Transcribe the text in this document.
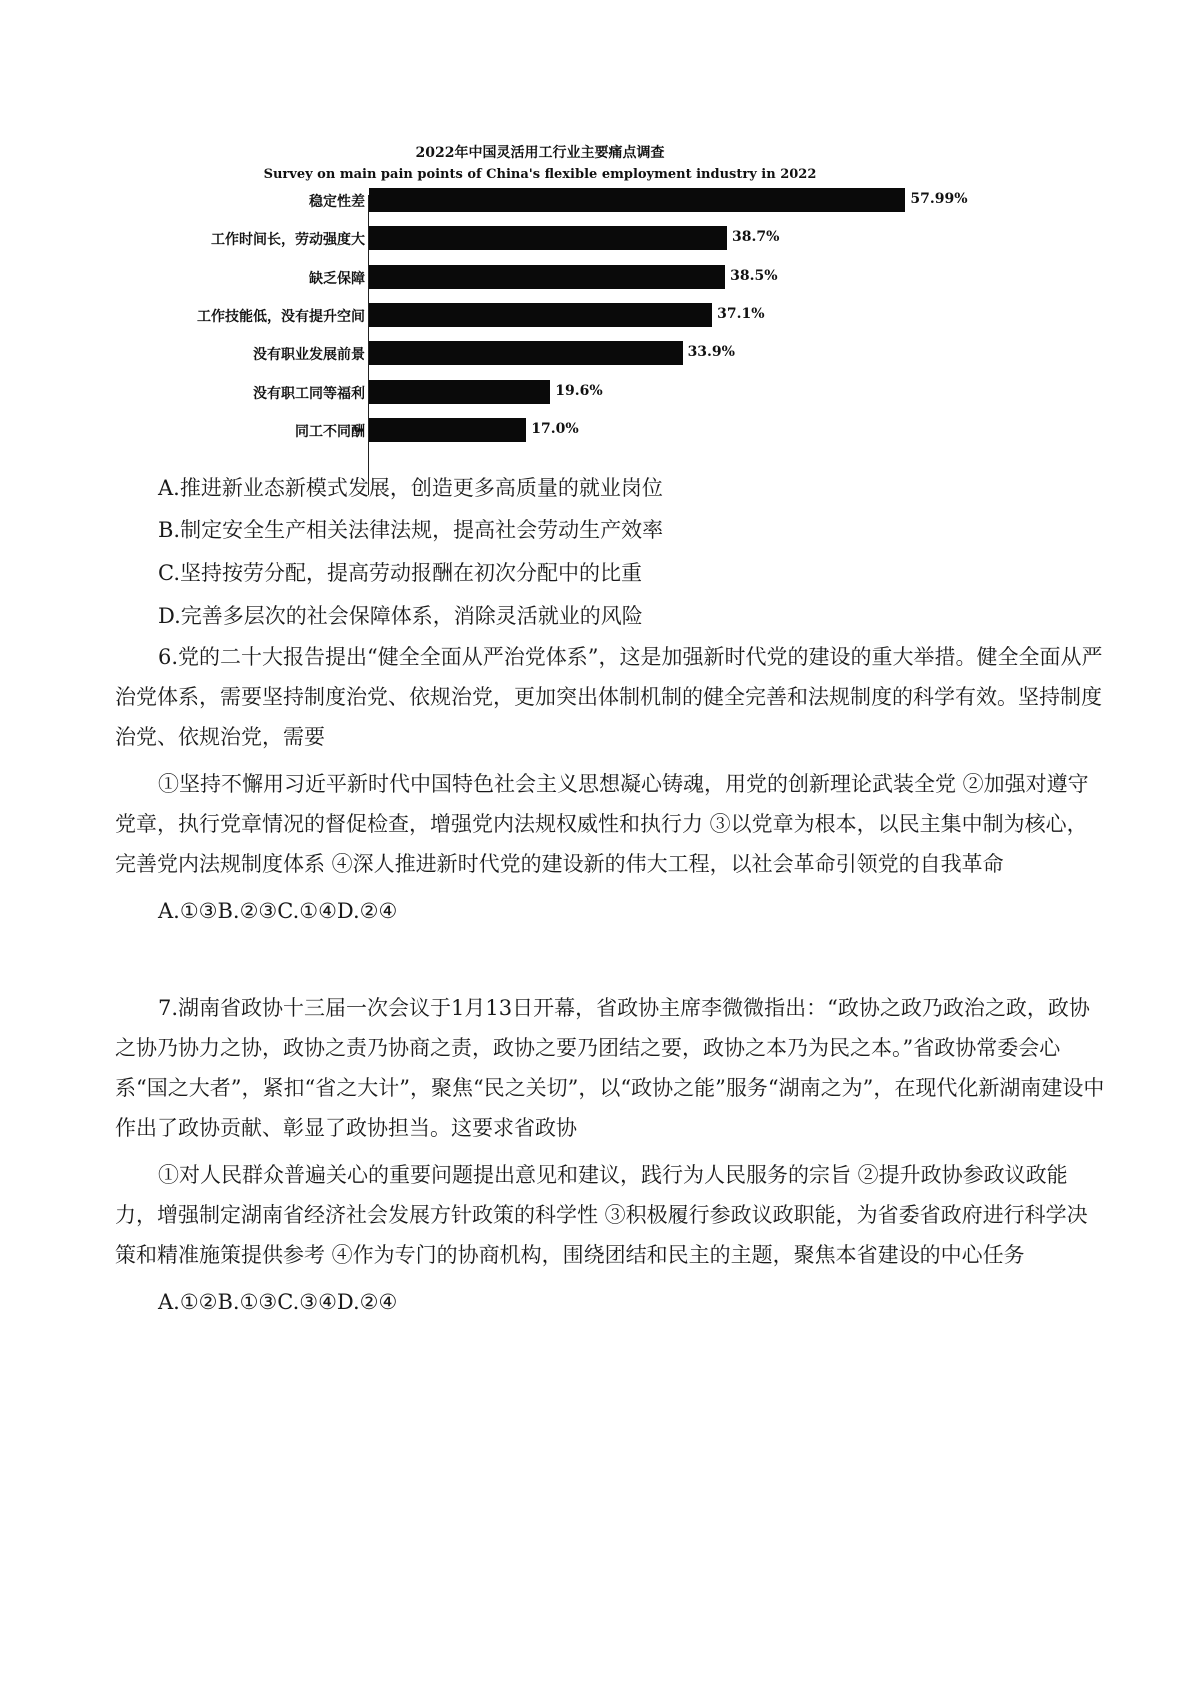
2022年中国灵活用工行业主要痛点调查
Survey on main pain points of China's flexible employment industry in 2022
稳定性差	57.99%
工作时间长，劳动强度大	38.7%
缺乏保障	38.5%
工作技能低，没有提升空间	37.1%
没有职业发展前景	33.9%
没有职工同等福利	19.6%
同工不同酬	17.0%
A.推进新业态新模式发展，创造更多高质量的就业岗位
B.制定安全生产相关法律法规，提高社会劳动生产效率
C.坚持按劳分配，提高劳动报酬在初次分配中的比重
D.完善多层次的社会保障体系，消除灵活就业的风险

6.党的二十大报告提出“健全全面从严治党体系”，这是加强新时代党的建设的重大举措。健全全面从严治党体系，需要坚持制度治党、依规治党，更加突出体制机制的健全完善和法规制度的科学有效。坚持制度治党、依规治党，需要

①坚持不懈用习近平新时代中国特色社会主义思想凝心铸魂，用党的创新理论武装全党 ②加强对遵守党章，执行党章情况的督促检查，增强党内法规权威性和执行力 ③以党章为根本，以民主集中制为核心，完善党内法规制度体系 ④深人推进新时代党的建设新的伟大工程，以社会革命引领党的自我革命

A.①③B.②③C.①④D.②④

7.湖南省政协十三届一次会议于1月13日开幕，省政协主席李微微指出：“政协之政乃政治之政，政协之协乃协力之协，政协之责乃协商之责，政协之要乃团结之要，政协之本乃为民之本。”省政协常委会心系“国之大者”，紧扣“省之大计”，聚焦“民之关切”，以“政协之能”服务“湖南之为”，在现代化新湖南建设中作出了政协贡献、彰显了政协担当。这要求省政协

①对人民群众普遍关心的重要问题提出意见和建议，践行为人民服务的宗旨 ②提升政协参政议政能力，增强制定湖南省经济社会发展方针政策的科学性 ③积极履行参政议政职能，为省委省政府进行科学决策和精准施策提供参考 ④作为专门的协商机构，围绕团结和民主的主题，聚焦本省建设的中心任务

A.①②B.①③C.③④D.②④
